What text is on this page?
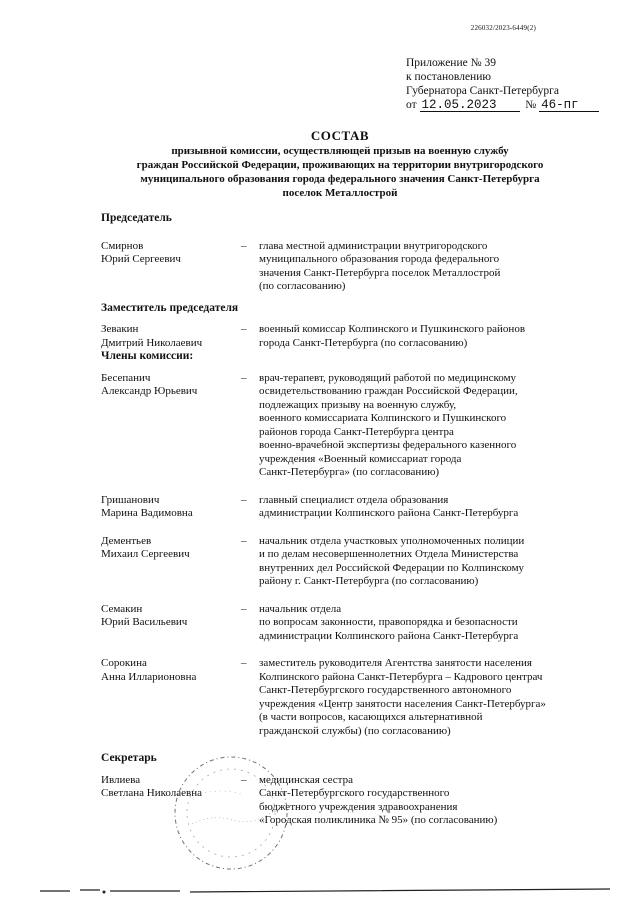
226032/2023-6449(2)
Приложение № 39
к постановлению
Губернатора Санкт-Петербурга
от
12.05.2023
	№
46-пг
СОСТАВ
призывной комиссии, осуществляющей призыв на военную службу
граждан Российской Федерации, проживающих на территории внутригородского
муниципального образования города федерального значения Санкт-Петербурга
поселок Металлострой
Председатель
Смирнов
Юрий Сергеевич
–	глава местной администрации внутригородского
муниципального образования города федерального
значения Санкт-Петербурга поселок Металлострой
(по согласованию)
Заместитель председателя
Зевакин
Дмитрий Николаевич
–	военный комиссар Колпинского и Пушкинского районов
города Санкт-Петербурга (по согласованию)
Члены комиссии:
Бесепанич
Александр Юрьевич
–	врач-терапевт, руководящий работой по медицинскому
освидетельствованию граждан Российской Федерации,
подлежащих призыву на военную службу,
военного комиссариата Колпинского и Пушкинского
районов города Санкт-Петербурга центра
военно-врачебной экспертизы федерального казенного
учреждения «Военный комиссариат города
Санкт-Петербурга» (по согласованию)
Гришанович
Марина Вадимовна
–	главный специалист отдела образования
администрации Колпинского района Санкт-Петербурга
Дементьев
Михаил Сергеевич
–	начальник отдела участковых уполномоченных полиции
и по делам несовершеннолетних Отдела Министерства
внутренних дел Российской Федерации по Колпинскому
району г. Санкт-Петербурга (по согласованию)
Семакин
Юрий Васильевич
–	начальник отдела
по вопросам законности, правопорядка и безопасности
администрации Колпинского района Санкт-Петербурга
Сорокина
Анна Илларионовна
–	заместитель руководителя Агентства занятости населения
Колпинского района Санкт-Петербурга – Кадрового центрач
Санкт-Петербургского государственного автономного
учреждения «Центр занятости населения Санкт-Петербурга»
(в части вопросов, касающихся альтернативной
гражданской службы) (по согласованию)
Секретарь
Ивлиева
Светлана Николаевна
–	медицинская сестра
Санкт-Петербургского государственного
бюджетного учреждения здравоохранения
«Городская поликлиника № 95» (по согласованию)
